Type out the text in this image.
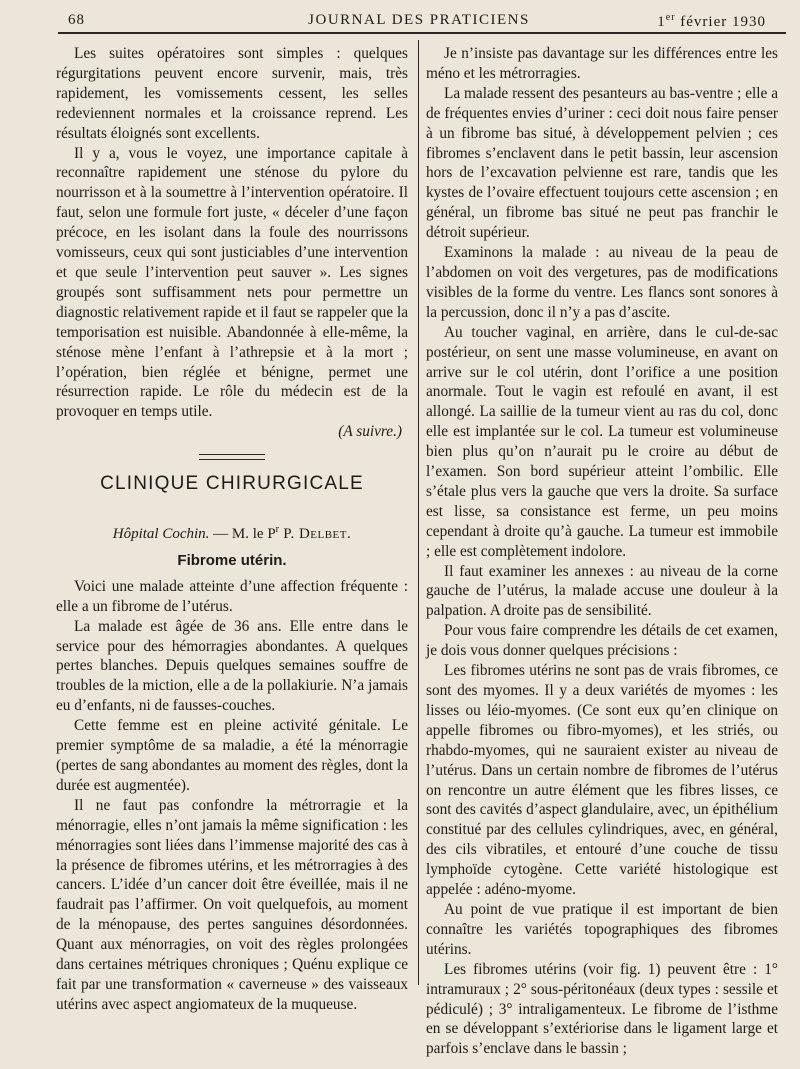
68	JOURNAL DES PRATICIENS	1er février 1930

Les suites opératoires sont simples : quelques régurgitations peuvent encore survenir, mais, très rapidement, les vomissements cessent, les selles redeviennent normales et la croissance reprend. Les résultats éloignés sont excellents.

Il y a, vous le voyez, une importance capitale à reconnaître rapidement une sténose du pylore du nourrisson et à la soumettre à l’intervention opératoire. Il faut, selon une formule fort juste, « déceler d’une façon précoce, en les isolant dans la foule des nourrissons vomisseurs, ceux qui sont justiciables d’une intervention et que seule l’intervention peut sauver ». Les signes groupés sont suffisamment nets pour permettre un diagnostic relativement rapide et il faut se rappeler que la temporisation est nuisible. Abandonnée à elle-même, la sténose mène l’enfant à l’athrepsie et à la mort ; l’opération, bien réglée et bénigne, permet une résurrection rapide. Le rôle du médecin est de la provoquer en temps utile.

(A suivre.)

CLINIQUE CHIRURGICALE
Hôpital Cochin. — M. le $P^r$ P. Delbet.
Fibrome utérin.

Voici une malade atteinte d’une affection fréquente : elle a un fibrome de l’utérus.

La malade est âgée de 36 ans. Elle entre dans le service pour des hémorragies abondantes. A quelques pertes blanches. Depuis quelques semaines souffre de troubles de la miction, elle a de la pollakiurie. N’a jamais eu d’enfants, ni de fausses-couches.

Cette femme est en pleine activité génitale. Le premier symptôme de sa maladie, a été la ménorragie (pertes de sang abondantes au moment des règles, dont la durée est augmentée).

Il ne faut pas confondre la métrorragie et la ménorragie, elles n’ont jamais la même signification : les ménorragies sont liées dans l’immense majorité des cas à la présence de fibromes utérins, et les métrorragies à des cancers. L’idée d’un cancer doit être éveillée, mais il ne faudrait pas l’affirmer. On voit quelquefois, au moment de la ménopause, des pertes sanguines désordonnées. Quant aux ménorragies, on voit des règles prolongées dans certaines métriques chroniques ; Quénu explique ce fait par une transformation « caverneuse » des vaisseaux utérins avec aspect angiomateux de la muqueuse.

Je n’insiste pas davantage sur les différences entre les méno et les métrorragies.

La malade ressent des pesanteurs au bas-ventre ; elle a de fréquentes envies d’uriner : ceci doit nous faire penser à un fibrome bas situé, à développement pelvien ; ces fibromes s’enclavent dans le petit bassin, leur ascension hors de l’excavation pelvienne est rare, tandis que les kystes de l’ovaire effectuent toujours cette ascension ; en général, un fibrome bas situé ne peut pas franchir le détroit supérieur.

Examinons la malade : au niveau de la peau de l’abdomen on voit des vergetures, pas de modifications visibles de la forme du ventre. Les flancs sont sonores à la percussion, donc il n’y a pas d’ascite.

Au toucher vaginal, en arrière, dans le cul-de-sac postérieur, on sent une masse volumineuse, en avant on arrive sur le col utérin, dont l’orifice a une position anormale. Tout le vagin est refoulé en avant, il est allongé. La saillie de la tumeur vient au ras du col, donc elle est implantée sur le col. La tumeur est volumineuse bien plus qu’on n’aurait pu le croire au début de l’examen. Son bord supérieur atteint l’ombilic. Elle s’étale plus vers la gauche que vers la droite. Sa surface est lisse, sa consistance est ferme, un peu moins cependant à droite qu’à gauche. La tumeur est immobile ; elle est complètement indolore.

Il faut examiner les annexes : au niveau de la corne gauche de l’utérus, la malade accuse une douleur à la palpation. A droite pas de sensibilité.

Pour vous faire comprendre les détails de cet examen, je dois vous donner quelques précisions :

Les fibromes utérins ne sont pas de vrais fibromes, ce sont des myomes. Il y a deux variétés de myomes : les lisses ou léio-myomes. (Ce sont eux qu’en clinique on appelle fibromes ou fibro-myomes), et les striés, ou rhabdo-myomes, qui ne sauraient exister au niveau de l’utérus. Dans un certain nombre de fibromes de l’utérus on rencontre un autre élément que les fibres lisses, ce sont des cavités d’aspect glandulaire, avec, un épithélium constitué par des cellules cylindriques, avec, en général, des cils vibratiles, et entouré d’une couche de tissu lymphoïde cytogène. Cette variété histologique est appelée : adéno-myome.

Au point de vue pratique il est important de bien connaître les variétés topographiques des fibromes utérins.

Les fibromes utérins (voir fig. 1) peuvent être : 1° intramuraux ; 2° sous-péritonéaux (deux types : sessile et pédiculé) ; 3° intraligamenteux. Le fibrome de l’isthme en se développant s’extériorise dans le ligament large et parfois s’enclave dans le bassin ;
